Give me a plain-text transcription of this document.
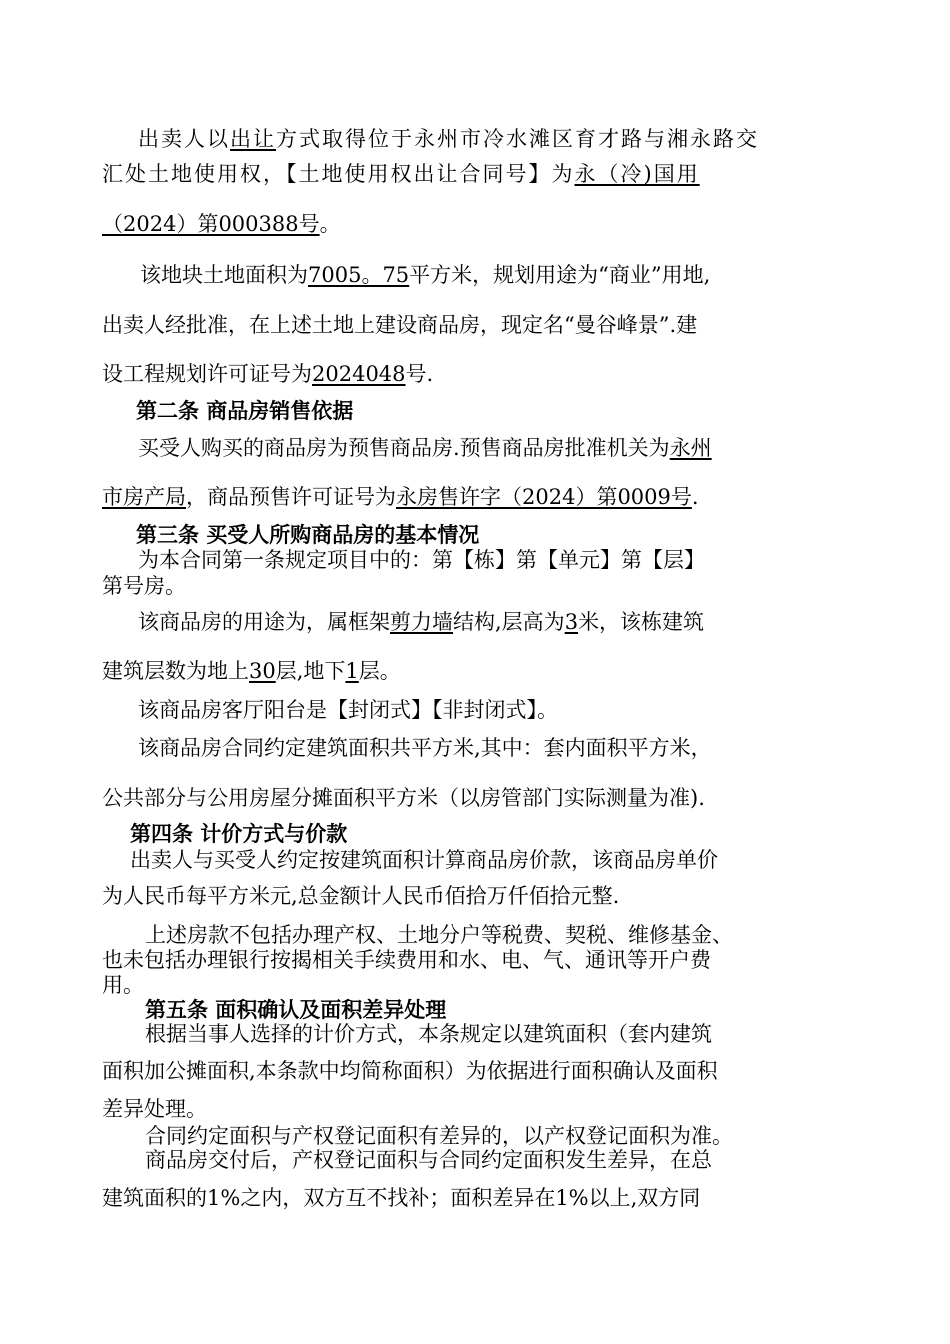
出卖人以出让方式取得位于永州市冷水滩区育才路与湘永路交
汇处土地使用权，【土地使用权出让合同号】为永（冷)国用
（2024）第000388号。
该地块土地面积为7005。75平方米，规划用途为“商业”用地,
出卖人经批准，在上述土地上建设商品房，现定名“曼谷峰景”.建
设工程规划许可证号为2024048号.
第二条 商品房销售依据
买受人购买的商品房为预售商品房.预售商品房批准机关为永州
市房产局，商品预售许可证号为永房售许字（2024）第0009号.
第三条 买受人所购商品房的基本情况
为本合同第一条规定项目中的：第【栋】第【单元】第【层】
第号房。
该商品房的用途为，属框架剪力墙结构,层高为3米，该栋建筑
建筑层数为地上30层,地下1层。
该商品房客厅阳台是【封闭式】【非封闭式】。
该商品房合同约定建筑面积共平方米,其中：套内面积平方米，
公共部分与公用房屋分摊面积平方米（以房管部门实际测量为准).
第四条 计价方式与价款
出卖人与买受人约定按建筑面积计算商品房价款，该商品房单价
为人民币每平方米元,总金额计人民币佰拾万仟佰拾元整.
上述房款不包括办理产权、土地分户等税费、契税、维修基金、
也未包括办理银行按揭相关手续费用和水、电、气、通讯等开户费
用。
第五条 面积确认及面积差异处理
根据当事人选择的计价方式，本条规定以建筑面积（套内建筑
面积加公摊面积,本条款中均简称面积）为依据进行面积确认及面积
差异处理。
合同约定面积与产权登记面积有差异的，以产权登记面积为准。
商品房交付后，产权登记面积与合同约定面积发生差异，在总
建筑面积的1%之内，双方互不找补；面积差异在1%以上,双方同
